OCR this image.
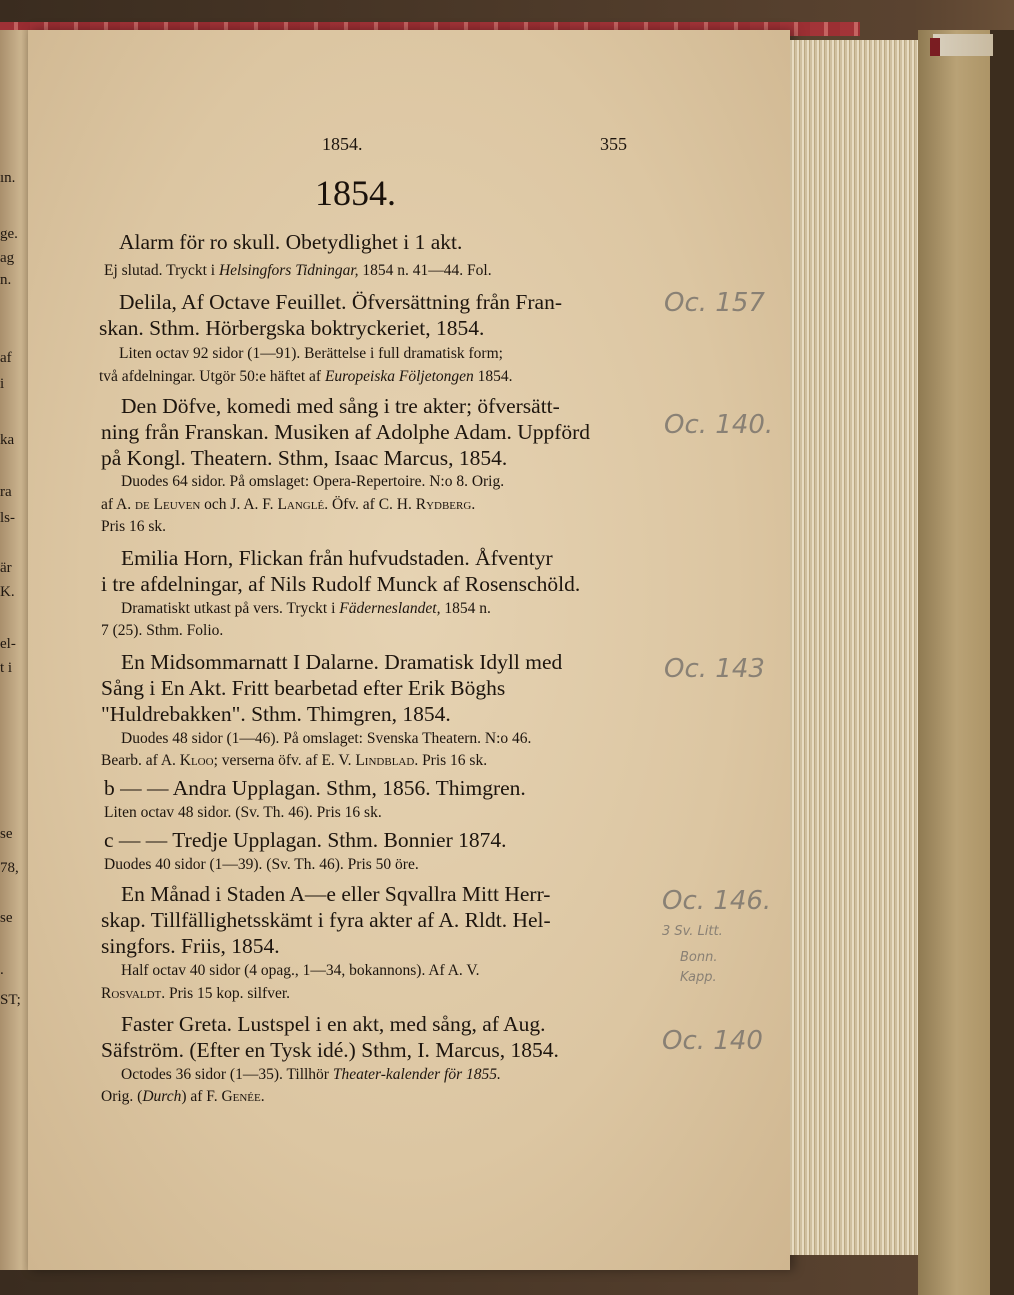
ın.
ge.
ag
n.
af
i
ka
ra
ls-
är
K.
el-
t i
se
78,
se
.
ST;
1854.	355
1854.
Alarm för ro skull. Obetydlighet i 1 akt.
Ej slutad. Tryckt i Helsingfors Tidningar, 1854 n. 41—44. Fol.
Delila, Af Octave Feuillet. Öfversättning från Fran-
skan. Sthm. Hörbergska boktryckeriet, 1854.
Liten octav 92 sidor (1—91). Berättelse i full dramatisk form;
två afdelningar. Utgör 50:e häftet af Europeiska Följetongen 1854.
Den Döfve, komedi med sång i tre akter; öfversätt-
ning från Franskan. Musiken af Adolphe Adam. Uppförd
på Kongl. Theatern. Sthm, Isaac Marcus, 1854.
Duodes 64 sidor. På omslaget: Opera-Repertoire. N:o 8. Orig.
af A. de Leuven och J. A. F. Langlé. Öfv. af C. H. Rydberg.
Pris 16 sk.
Emilia Horn, Flickan från hufvudstaden. Åfventyr
i tre afdelningar, af Nils Rudolf Munck af Rosenschöld.
Dramatiskt utkast på vers. Tryckt i Fäderneslandet, 1854 n.
7 (25). Sthm. Folio.
En Midsommarnatt I Dalarne. Dramatisk Idyll med
Sång i En Akt. Fritt bearbetad efter Erik Böghs
"Huldrebakken". Sthm. Thimgren, 1854.
Duodes 48 sidor (1—46). På omslaget: Svenska Theatern. N:o 46.
Bearb. af A. Kloo; verserna öfv. af E. V. Lindblad. Pris 16 sk.
b — — Andra Upplagan. Sthm, 1856. Thimgren.
Liten octav 48 sidor. (Sv. Th. 46). Pris 16 sk.
c — — Tredje Upplagan. Sthm. Bonnier 1874.
Duodes 40 sidor (1—39). (Sv. Th. 46). Pris 50 öre.
En Månad i Staden A—e eller Sqvallra Mitt Herr-
skap. Tillfällighetsskämt i fyra akter af A. Rldt. Hel-
singfors. Friis, 1854.
Half octav 40 sidor (4 opag., 1—34, bokannons). Af A. V.
Rosvaldt. Pris 15 kop. silfver.
Faster Greta. Lustspel i en akt, med sång, af Aug.
Säfström. (Efter en Tysk idé.) Sthm, I. Marcus, 1854.
Octodes 36 sidor (1—35). Tillhör Theater-kalender för 1855.
Orig. (Durch) af F. Genée.
Oc. 157
Oc. 140.
Oc. 143
Oc. 146.
3 Sv. Litt.
Bonn.
Kapp.
Oc. 140
